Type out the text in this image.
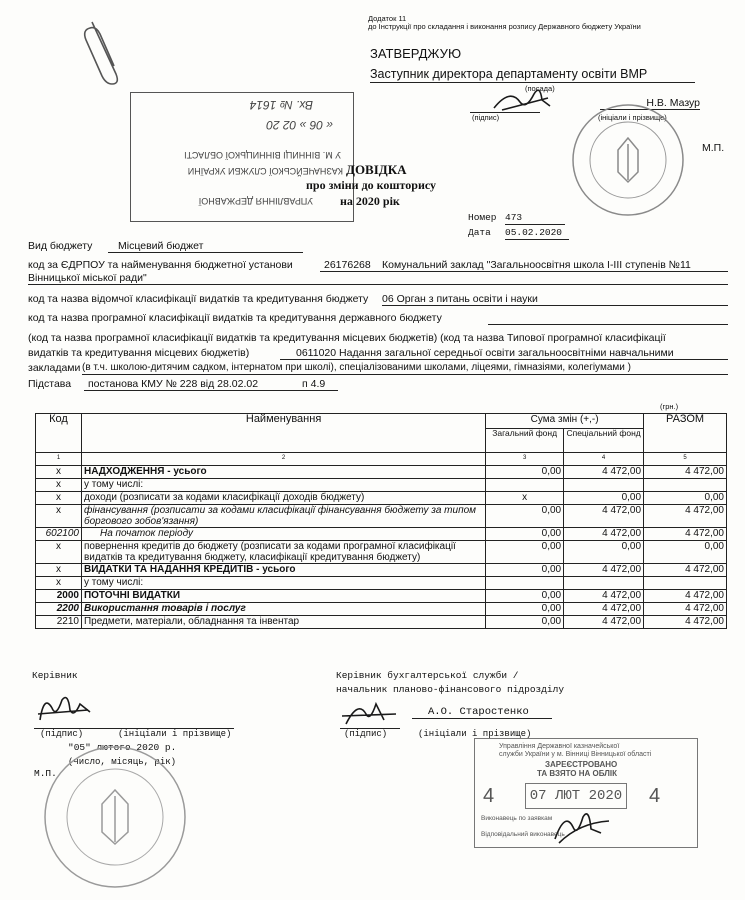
Додаток 11
до Інструкції про складання і виконання розпису Державного бюджету України
ЗАТВЕРДЖУЮ
Заступник директора департаменту освіти ВМР
(посада)
Н.В. Мазур
(підпис)	(ініціали і прізвище)
М.П.
УПРАВЛІННЯ ДЕРЖАВНОЇ
КАЗНАЧЕЙСЬКОЇ СЛУЖБИ УКРАЇНИ
У М. ВІННИЦІ ВІННИЦЬКОЇ ОБЛАСТІ
« 06 » 02 20
Вх. № 1614
ДОВІДКА
про зміни до кошторису
на 2020 рік
Номер 473
Дата 05.02.2020
Вид бюджету	Місцевий бюджет
код за ЄДРПОУ та найменування бюджетної установи	26176268 Комунальний заклад "Загальноосвітня школа І-ІІІ ступенів №11
Вінницької міської ради"
код та назва відомчої класифікації видатків та кредитування бюджету 06 Орган з питань освіти і науки
код та назва програмної класифікації видатків та кредитування державного бюджету
(код та назва програмної класифікації видатків та кредитування місцевих бюджетів) (код та назва Типової програмної класифікації
видатків та кредитування місцевих бюджетів)	0611020 Надання загальної середньої освіти загальноосвітніми навчальними
закладами (в т.ч. школою-дитячим садком, інтернатом при школі), спеціалізованими школами, ліцеями, гімназіями, колегіумами )
Підстава	постанова КМУ № 228 від 28.02.02	п 4.9
(грн.)
Код	Найменування	Сума змін (+,-)		РАЗОМ
		Загальний фонд	Спеціальний фонд	
1	2	3	4	5
х	НАДХОДЖЕННЯ - усього	0,00	4 472,00	4 472,00
х	у тому числі:			
х	доходи (розписати за кодами класифікації доходів бюджету)	х	0,00	0,00
х	фінансування (розписати за кодами класифікації фінансування бюджету за типом боргового зобов'язання)	0,00	4 472,00	4 472,00
602100	На початок періоду	0,00	4 472,00	4 472,00
х	повернення кредитів до бюджету (розписати за кодами програмної класифікації видатків та кредитування бюджету, класифікації кредитування бюджету)	0,00	0,00	0,00
х	ВИДАТКИ ТА НАДАННЯ КРЕДИТІВ - усього	0,00	4 472,00	4 472,00
х	у тому числі:			
2000	ПОТОЧНІ ВИДАТКИ	0,00	4 472,00	4 472,00
2200	Використання товарів і послуг	0,00	4 472,00	4 472,00
2210	Предмети, матеріали, обладнання та інвентар	0,00	4 472,00	4 472,00
Керівник
(підпис)	(ініціали і прізвище)
"05" лютого 2020 р.
(число, місяць, рік)
М.П.
Керівник бухгалтерської служби /
начальник планово-фінансового підрозділу
А.О. Старостенко
(підпис)	(ініціали і прізвище)
Управління Державної казначейської
служби України у м. Вінниці Вінницької області
ЗАРЕЄСТРОВАНО
ТА ВЗЯТО НА ОБЛІК
4	07 ЛЮТ 2020 4
Виконавець по заявкам
Відповідальний виконавець
